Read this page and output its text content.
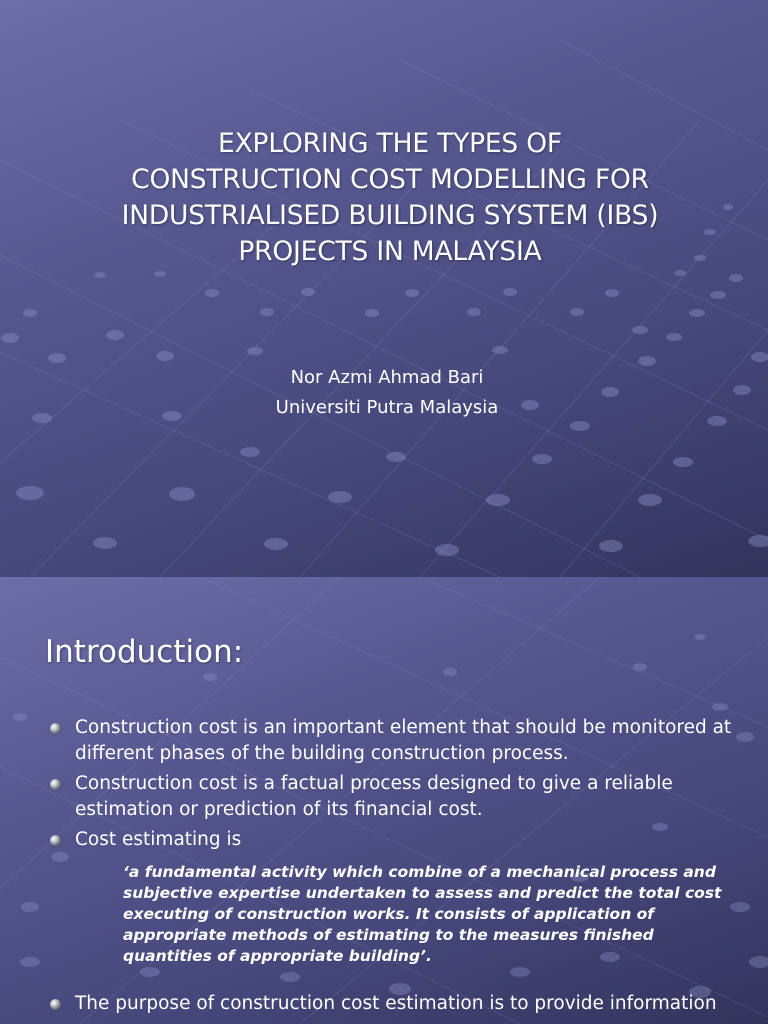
EXPLORING THE TYPES OF
CONSTRUCTION COST MODELLING FOR
INDUSTRIALISED BUILDING SYSTEM (IBS)
PROJECTS IN MALAYSIA
Nor Azmi Ahmad Bari
Universiti Putra Malaysia
Introduction:
Construction cost is an important element that should be monitored at different phases of the building construction process.
Construction cost is a factual process designed to give a reliable estimation or prediction of its financial cost.
Cost estimating is
‘a fundamental activity which combine of a mechanical process and subjective expertise undertaken to assess and predict the total cost executing of construction works. It consists of application of appropriate methods of estimating to the measures finished quantities of appropriate building’.
The purpose of construction cost estimation is to provide information
